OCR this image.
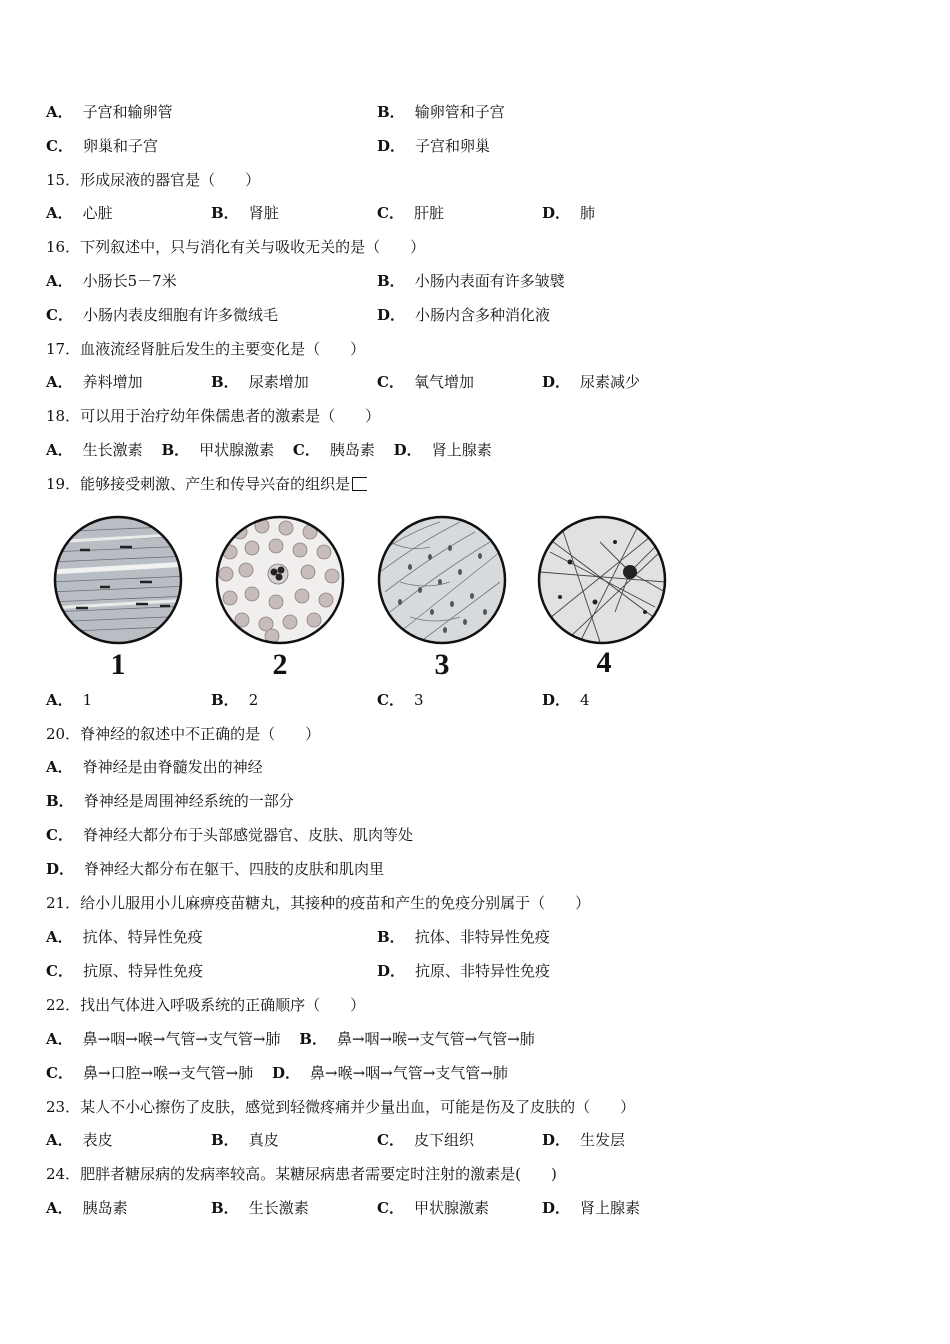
A． 子宫和输卵管	B． 输卵管和子宫
C． 卵巢和子宫	D． 子宫和卵巢
15．形成尿液的器官是（　　）
A． 心脏	B． 肾脏	C． 肝脏	D． 肺
16．下列叙述中，只与消化有关与吸收无关的是（　　）
A． 小肠长5－7米	B． 小肠内表面有许多皱襞
C． 小肠内表皮细胞有许多微绒毛	D． 小肠内含多种消化液
17．血液流经肾脏后发生的主要变化是（　　）
A． 养料增加	B． 尿素增加	C． 氧气增加	D． 尿素减少
18．可以用于治疗幼年侏儒患者的激素是（　　）
A． 生长激素 B． 甲状腺激素 C． 胰岛素 D． 肾上腺素
19．能够接受刺激、产生和传导兴奋的组织是
1	2	3	4
A． 1	B． 2	C． 3	D． 4
20．脊神经的叙述中不正确的是（　　）
A． 脊神经是由脊髓发出的神经
B． 脊神经是周围神经系统的一部分
C． 脊神经大都分布于头部感觉器官、皮肤、肌肉等处
D． 脊神经大都分布在躯干、四肢的皮肤和肌肉里
21．给小儿服用小儿麻痹疫苗糖丸，其接种的疫苗和产生的免疫分别属于（　　）
A． 抗体、特异性免疫	B． 抗体、非特异性免疫
C． 抗原、特异性免疫	D． 抗原、非特异性免疫
22．找出气体进入呼吸系统的正确顺序（　　）
A． 鼻→咽→喉→气管→支气管→肺 B． 鼻→咽→喉→支气管→气管→肺
C． 鼻→口腔→喉→支气管→肺 D． 鼻→喉→咽→气管→支气管→肺
23．某人不小心擦伤了皮肤，感觉到轻微疼痛并少量出血，可能是伤及了皮肤的（　　）
A． 表皮	B． 真皮	C． 皮下组织	D． 生发层
24．肥胖者糖尿病的发病率较高。某糖尿病患者需要定时注射的激素是(　　)
A． 胰岛素	B． 生长激素	C． 甲状腺激素	D． 肾上腺素
